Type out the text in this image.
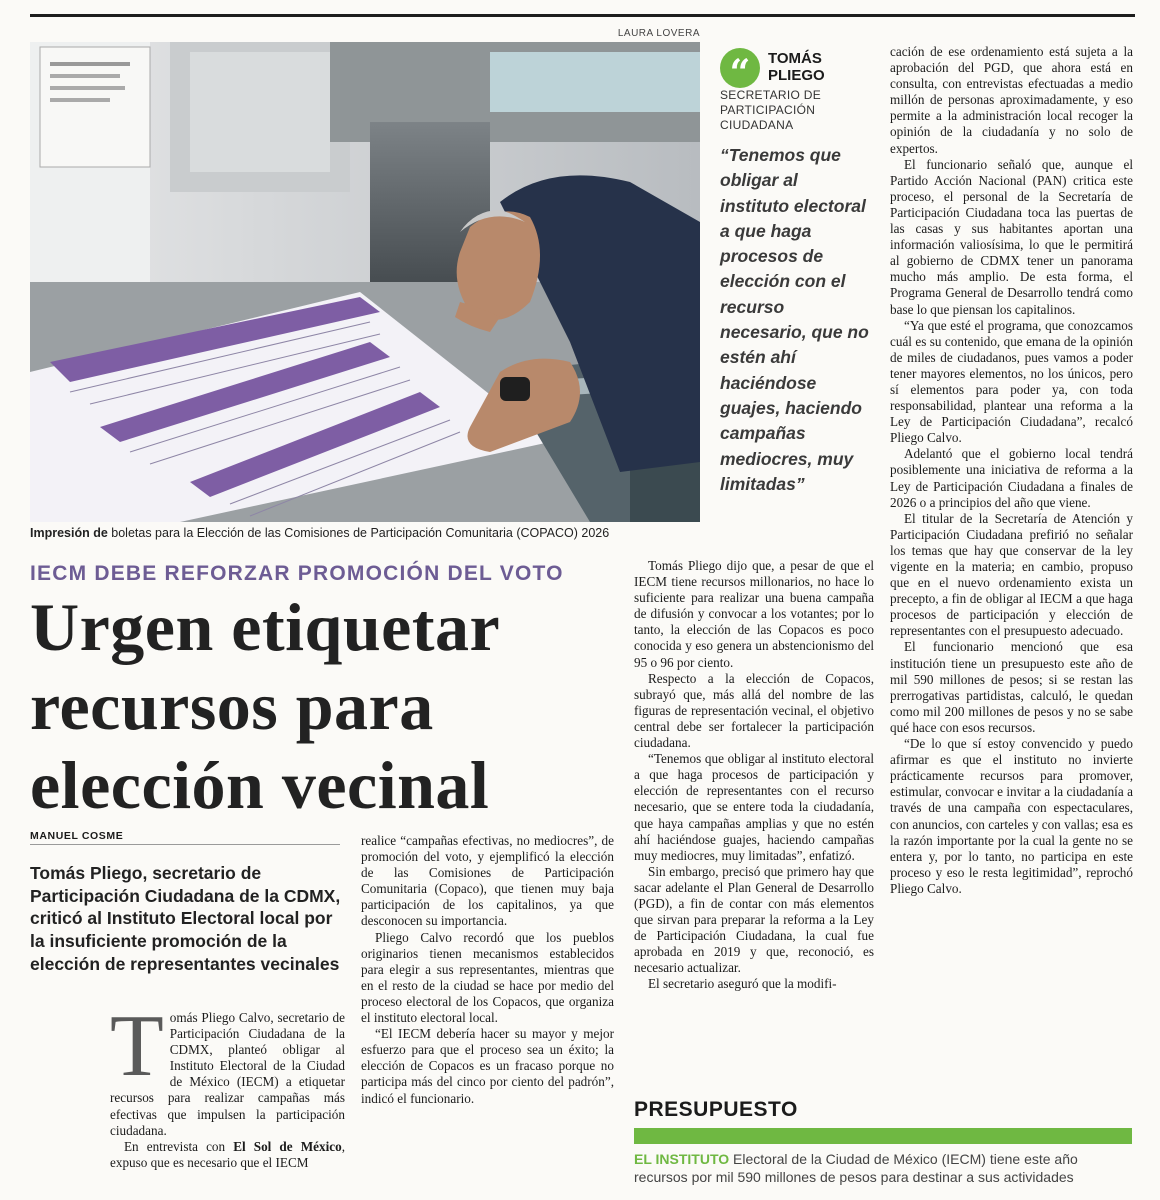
LAURA LOVERA
Impresión de boletas para la Elección de las Comisiones de Participación Comunitaria (COPACO) 2026
“	TOMÁS
PLIEGO
SECRETARIO DE PARTICIPACIÓN CIUDADANA
“Tenemos que obligar al instituto electoral a que haga procesos de elección con el recurso necesario, que no estén ahí haciéndose guajes, haciendo campañas mediocres, muy limitadas”

cación de ese ordenamiento está sujeta a la aprobación del PGD, que ahora está en consulta, con entrevistas efectuadas a medio millón de personas aproximadamente, y eso permite a la administración local recoger la opinión de la ciudadanía y no solo de expertos.

El funcionario señaló que, aunque el Partido Acción Nacional (PAN) critica este proceso, el personal de la Secretaría de Participación Ciudadana toca las puertas de las casas y sus habitantes aportan una información valiosísima, lo que le permitirá al gobierno de CDMX tener un panorama mucho más amplio. De esta forma, el Programa General de Desarrollo tendrá como base lo que piensan los capitalinos.

“Ya que esté el programa, que conozcamos cuál es su contenido, que emana de la opinión de miles de ciudadanos, pues vamos a poder tener mayores elementos, no los únicos, pero sí elementos para poder ya, con toda responsabilidad, plantear una reforma a la Ley de Participación Ciudadana”, recalcó Pliego Calvo.

Adelantó que el gobierno local tendrá posiblemente una iniciativa de reforma a la Ley de Participación Ciudadana a finales de 2026 o a principios del año que viene.

El titular de la Secretaría de Atención y Participación Ciudadana prefirió no señalar los temas que hay que conservar de la ley vigente en la materia; en cambio, propuso que en el nuevo ordenamiento exista un precepto, a fin de obligar al IECM a que haga procesos de participación y elección de representantes con el presupuesto adecuado.

El funcionario mencionó que esa institución tiene un presupuesto este año de mil 590 millones de pesos; si se restan las prerrogativas partidistas, calculó, le quedan como mil 200 millones de pesos y no se sabe qué hace con esos recursos.

“De lo que sí estoy convencido y puedo afirmar es que el instituto no invierte prácticamente recursos para promover, estimular, convocar e invitar a la ciudadanía a través de una campaña con espectaculares, con anuncios, con carteles y con vallas; esa es la razón importante por la cual la gente no se entera y, por lo tanto, no participa en este proceso y eso le resta legitimidad”, reprochó Pliego Calvo.

IECM DEBE REFORZAR PROMOCIÓN DEL VOTO
Urgen etiquetar
recursos para
elección vecinal
MANUEL COSME
Tomás Pliego, secretario de Participación Ciudadana de la CDMX, criticó al Instituto Electoral local por la insuficiente promoción de la elección de representantes vecinales

Tomás Pliego Calvo, secretario de Participación Ciudadana de la CDMX, planteó obligar al Instituto Electoral de la Ciudad de México (IECM) a etiquetar recursos para realizar campañas más efectivas que impulsen la participación ciudadana.

En entrevista con El Sol de México, expuso que es necesario que el IECM

realice “campañas efectivas, no mediocres”, de promoción del voto, y ejemplificó la elección de las Comisiones de Participación Comunitaria (Copaco), que tienen muy baja participación de los capitalinos, ya que desconocen su importancia.

Pliego Calvo recordó que los pueblos originarios tienen mecanismos establecidos para elegir a sus representantes, mientras que en el resto de la ciudad se hace por medio del proceso electoral de los Copacos, que organiza el instituto electoral local.

“El IECM debería hacer su mayor y mejor esfuerzo para que el proceso sea un éxito; la elección de Copacos es un fracaso porque no participa más del cinco por ciento del padrón”, indicó el funcionario.

Tomás Pliego dijo que, a pesar de que el IECM tiene recursos millonarios, no hace lo suficiente para realizar una buena campaña de difusión y convocar a los votantes; por lo tanto, la elección de las Copacos es poco conocida y eso genera un abstencionismo del 95 o 96 por ciento.

Respecto a la elección de Copacos, subrayó que, más allá del nombre de las figuras de representación vecinal, el objetivo central debe ser fortalecer la participación ciudadana.

“Tenemos que obligar al instituto electoral a que haga procesos de participación y elección de representantes con el recurso necesario, que se entere toda la ciudadanía, que haya campañas amplias y que no estén ahí haciéndose guajes, haciendo campañas muy mediocres, muy limitadas”, enfatizó.

Sin embargo, precisó que primero hay que sacar adelante el Plan General de Desarrollo (PGD), a fin de contar con más elementos que sirvan para preparar la reforma a la Ley de Participación Ciudadana, la cual fue aprobada en 2019 y que, reconoció, es necesario actualizar.

El secretario aseguró que la modifi-

PRESUPUESTO
EL INSTITUTO Electoral de la Ciudad de México (IECM) tiene este año recursos por mil 590 millones de pesos para destinar a sus actividades
